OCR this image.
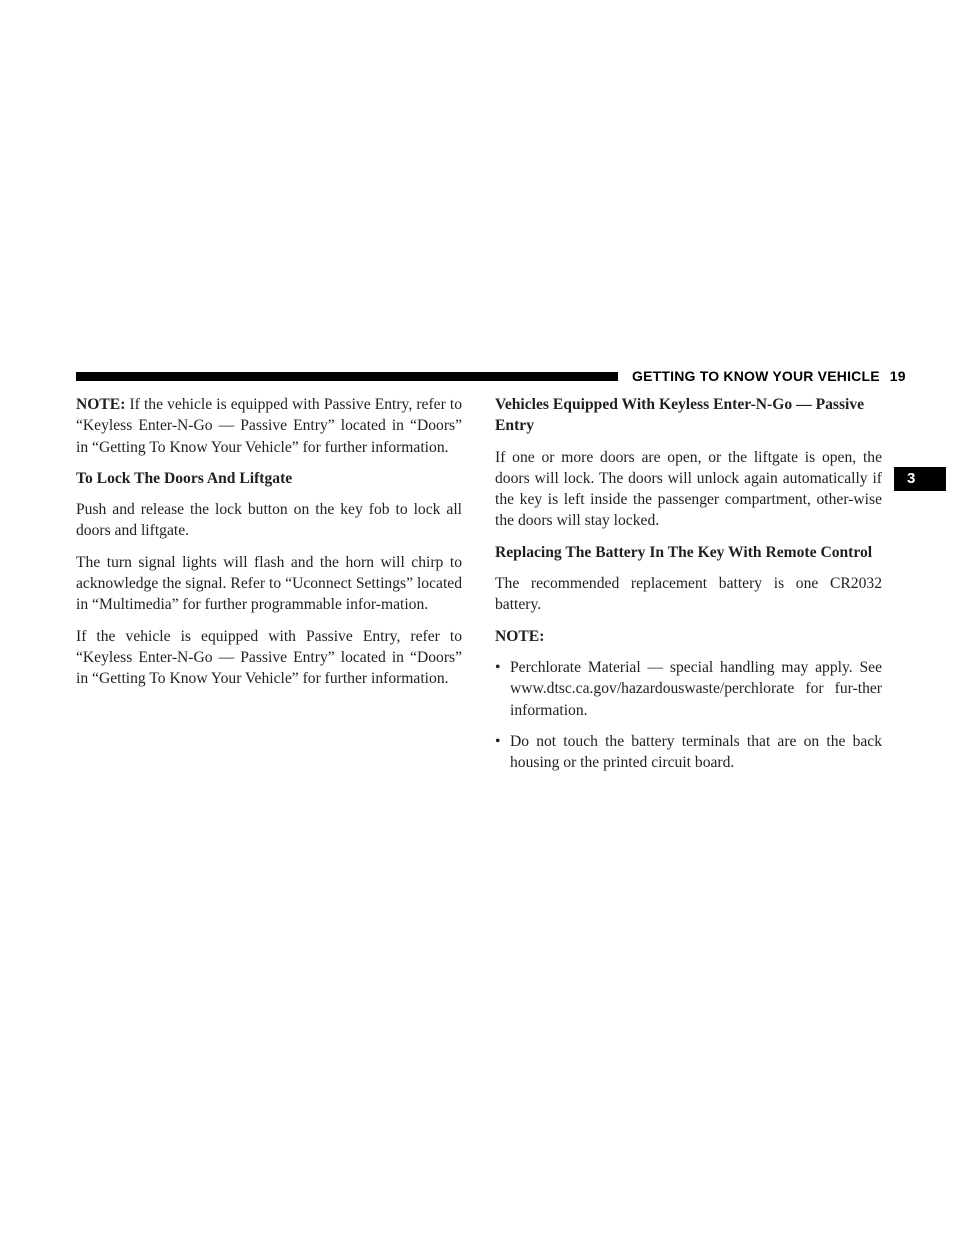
GETTING TO KNOW YOUR VEHICLE 19
3

NOTE: If the vehicle is equipped with Passive Entry, refer to “Keyless Enter-N-Go — Passive Entry” located in “Doors” in “Getting To Know Your Vehicle” for further information.

To Lock The Doors And Liftgate

Push and release the lock button on the key fob to lock all doors and liftgate.

The turn signal lights will flash and the horn will chirp to acknowledge the signal. Refer to “Uconnect Settings” located in “Multimedia” for further programmable infor-mation.

If the vehicle is equipped with Passive Entry, refer to “Keyless Enter-N-Go — Passive Entry” located in “Doors” in “Getting To Know Your Vehicle” for further information.

Vehicles Equipped With Keyless Enter-N-Go — Passive Entry

If one or more doors are open, or the liftgate is open, the doors will lock. The doors will unlock again automatically if the key is left inside the passenger compartment, other-wise the doors will stay locked.

Replacing The Battery In The Key With Remote Control

The recommended replacement battery is one CR2032 battery.

NOTE:
• Perchlorate Material — special handling may apply. See www.dtsc.ca.gov/hazardouswaste/perchlorate for fur-ther information.
• Do not touch the battery terminals that are on the back housing or the printed circuit board.
